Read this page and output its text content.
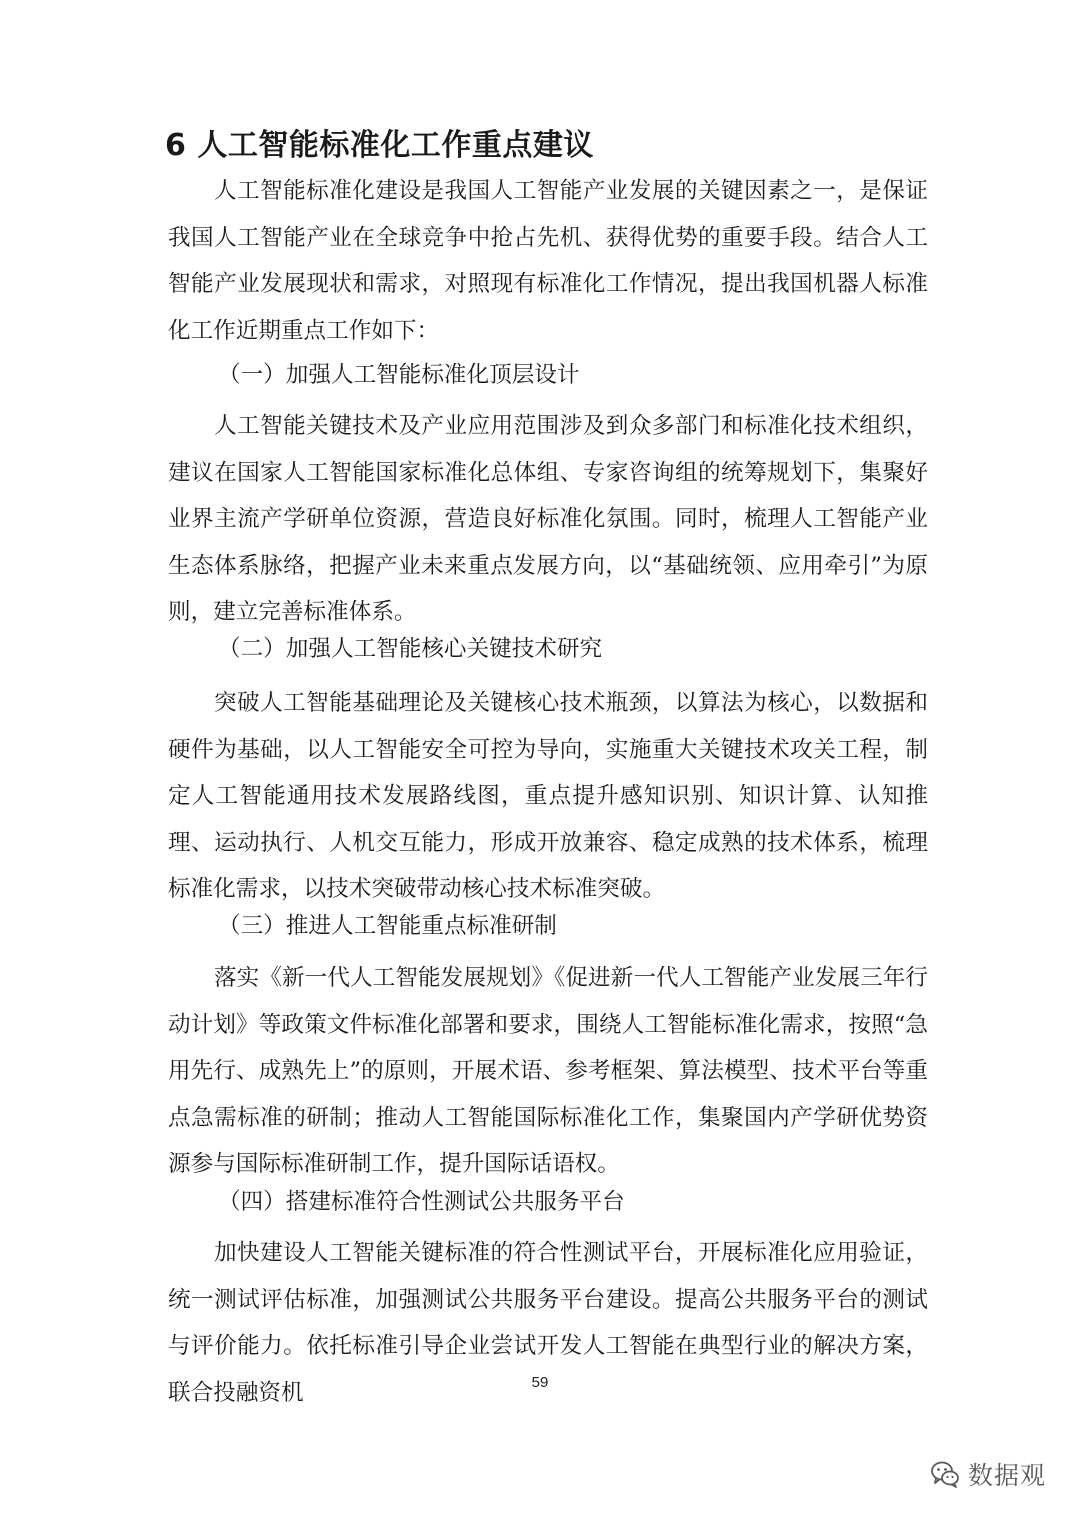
6 人工智能标准化工作重点建议

人工智能标准化建设是我国人工智能产业发展的关键因素之一，是保证我国人工智能产业在全球竞争中抢占先机、获得优势的重要手段。结合人工智能产业发展现状和需求，对照现有标准化工作情况，提出我国机器人标准化工作近期重点工作如下：

（一）加强人工智能标准化顶层设计

人工智能关键技术及产业应用范围涉及到众多部门和标准化技术组织，建议在国家人工智能国家标准化总体组、专家咨询组的统筹规划下，集聚好业界主流产学研单位资源，营造良好标准化氛围。同时，梳理人工智能产业生态体系脉络，把握产业未来重点发展方向，以“基础统领、应用牵引”为原则，建立完善标准体系。

（二）加强人工智能核心关键技术研究

突破人工智能基础理论及关键核心技术瓶颈，以算法为核心，以数据和硬件为基础，以人工智能安全可控为导向，实施重大关键技术攻关工程，制定人工智能通用技术发展路线图，重点提升感知识别、知识计算、认知推理、运动执行、人机交互能力，形成开放兼容、稳定成熟的技术体系，梳理标准化需求，以技术突破带动核心技术标准突破。

（三）推进人工智能重点标准研制

落实《新一代人工智能发展规划》《促进新一代人工智能产业发展三年行动计划》等政策文件标准化部署和要求，围绕人工智能标准化需求，按照“急用先行、成熟先上”的原则，开展术语、参考框架、算法模型、技术平台等重点急需标准的研制；推动人工智能国际标准化工作，集聚国内产学研优势资源参与国际标准研制工作，提升国际话语权。

（四）搭建标准符合性测试公共服务平台

加快建设人工智能关键标准的符合性测试平台，开展标准化应用验证，统一测试评估标准，加强测试公共服务平台建设。提高公共服务平台的测试与评价能力。依托标准引导企业尝试开发人工智能在典型行业的解决方案，联合投融资机	59
数据观
